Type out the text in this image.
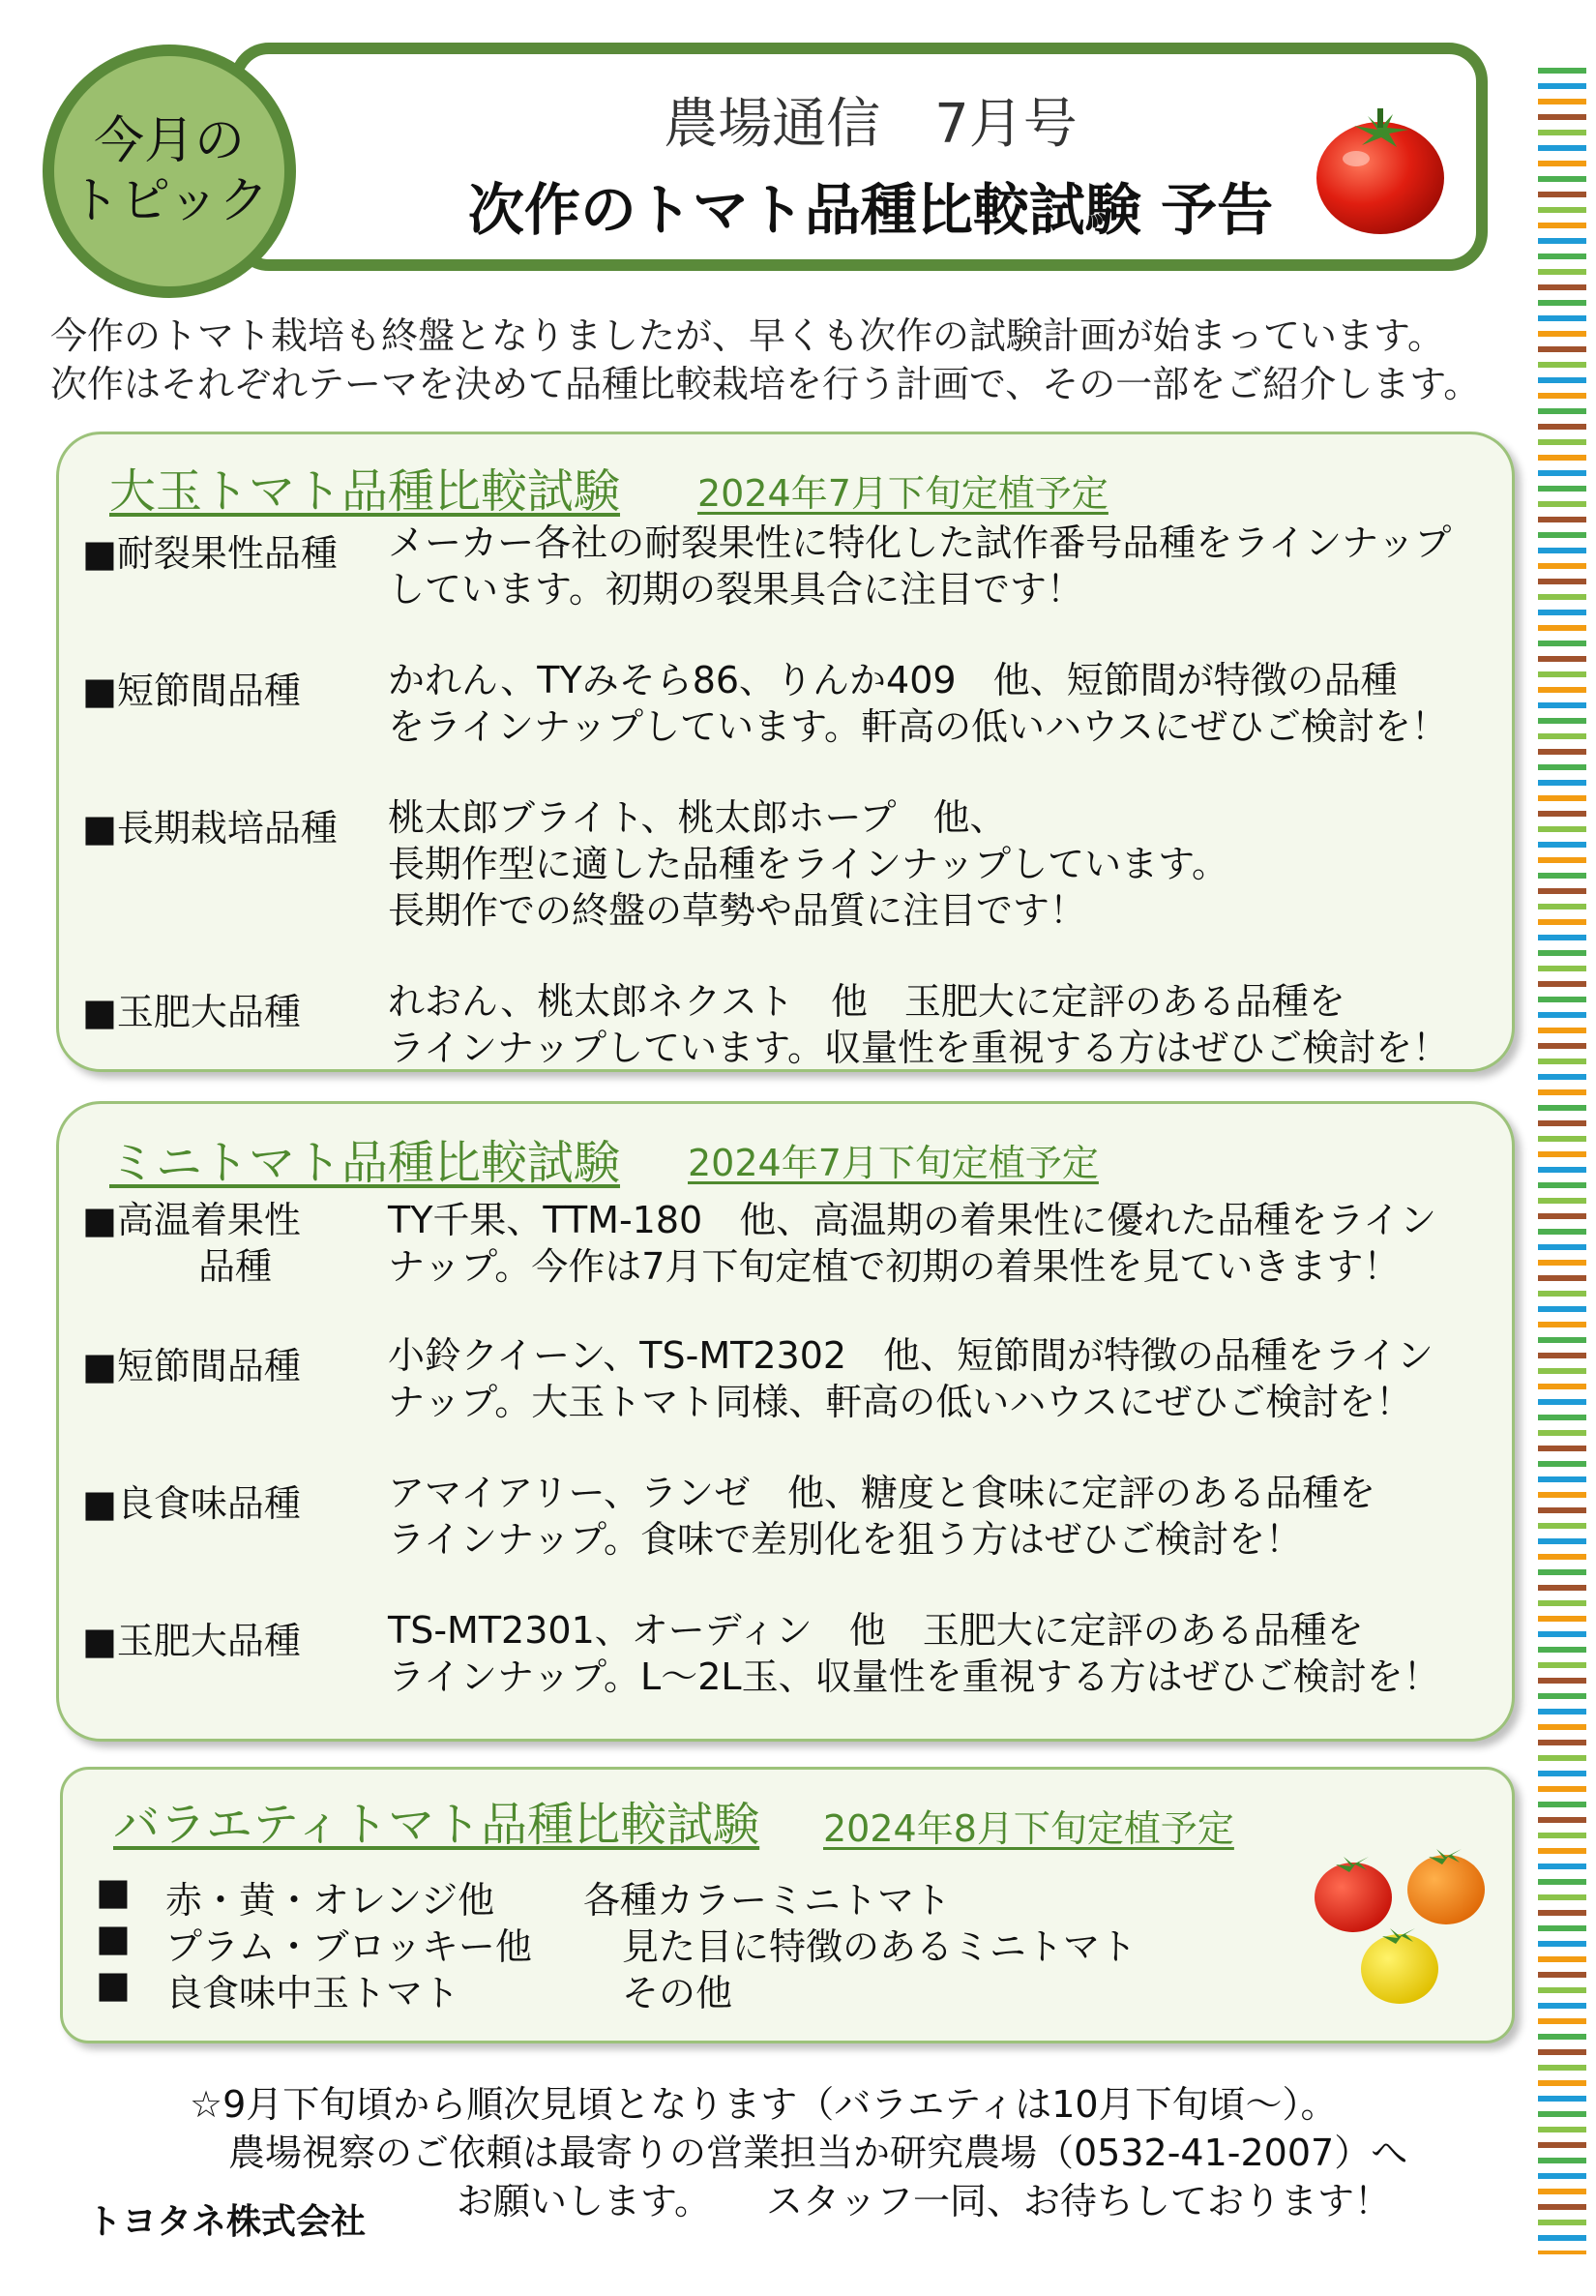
今月の
トピック
農場通信　7月号
次作のトマト品種比較試験 予告
今作のトマト栽培も終盤となりましたが、早くも次作の試験計画が始まっています。
次作はそれぞれテーマを決めて品種比較栽培を行う計画で、その一部をご紹介します。
大玉トマト品種比較試験 2024年7月下旬定植予定
■耐裂果性品種 メーカー各社の耐裂果性に特化した試作番号品種をラインナップ
しています。初期の裂果具合に注目です！
■短節間品種 かれん、TYみそら86、りんか409　他、短節間が特徴の品種
をラインナップしています。軒高の低いハウスにぜひご検討を！
■長期栽培品種 桃太郎ブライト、桃太郎ホープ　他、
長期作型に適した品種をラインナップしています。
長期作での終盤の草勢や品質に注目です！
■玉肥大品種 れおん、桃太郎ネクスト　他　玉肥大に定評のある品種を
ラインナップしています。収量性を重視する方はぜひご検討を！
ミニトマト品種比較試験 2024年7月下旬定植予定
■高温着果性
品種
TY千果、TTM-180　他、高温期の着果性に優れた品種をライン
ナップ。今作は7月下旬定植で初期の着果性を見ていきます！
■短節間品種 小鈴クイーン、TS-MT2302　他、短節間が特徴の品種をライン
ナップ。大玉トマト同様、軒高の低いハウスにぜひご検討を！
■良食味品種 アマイアリー、ランゼ　他、糖度と食味に定評のある品種を
ラインナップ。食味で差別化を狙う方はぜひご検討を！
■玉肥大品種 TS-MT2301、オーディン　他　玉肥大に定評のある品種を
ラインナップ。L～2L玉、収量性を重視する方はぜひご検討を！
バラエティトマト品種比較試験 2024年8月下旬定植予定
■ 赤・黄・オレンジ他 各種カラーミニトマト
■ プラム・ブロッキー他 見た目に特徴のあるミニトマト
■ 良食味中玉トマト	その他
☆9月下旬頃から順次見頃となります（バラエティは10月下旬頃～）。
農場視察のご依頼は最寄りの営業担当か研究農場（0532-41-2007）へ
お願いします。　　スタッフ一同、お待ちしております！
トヨタネ株式会社
